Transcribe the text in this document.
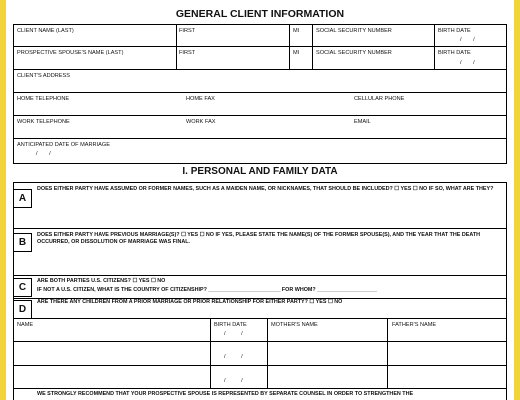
GENERAL CLIENT INFORMATION
CLIENT NAME (LAST)	FIRST	MI	SOCIAL SECURITY NUMBER	BIRTH DATE
/ /
PROSPECTIVE SPOUSE'S NAME (LAST)	FIRST	MI	SOCIAL SECURITY NUMBER	BIRTH DATE
/ /
CLIENT'S ADDRESS
HOME TELEPHONE	HOME FAX	CELLULAR PHONE
WORK TELEPHONE	WORK FAX	EMAIL
ANTICIPATED DATE OF MARRIAGE
/ /
I. PERSONAL AND FAMILY DATA
A
DOES EITHER PARTY HAVE ASSUMED OR FORMER NAMES, SUCH AS A MAIDEN NAME, OR NICKNAMES, THAT SHOULD BE INCLUDED? ☐ YES ☐ NO IF SO, WHAT ARE THEY?
B
DOES EITHER PARTY HAVE PREVIOUS MARRIAGE(S)? ☐ YES ☐ NO IF YES, PLEASE STATE THE NAME(S) OF THE FORMER SPOUSE(S), AND THE YEAR THAT THE DEATH OCCURRED, OR DISSOLUTION OF MARRIAGE WAS FINAL.
C
ARE BOTH PARTIES U.S. CITIZENS? ☐ YES ☐ NO
IF NOT A U.S. CITIZEN, WHAT IS THE COUNTRY OF CITIZENSHIP? ________________________ FOR WHOM? ____________________
D
ARE THERE ANY CHILDREN FROM A PRIOR MARRIAGE OR PRIOR RELATIONSHIP FOR EITHER PARTY? ☐ YES ☐ NO
NAME	BIRTH DATE	MOTHER'S NAME	FATHER'S NAME
/ /
/ /
/ /
WE STRONGLY RECOMMEND THAT YOUR PROSPECTIVE SPOUSE IS REPRESENTED BY SEPARATE COUNSEL IN ORDER TO STRENGTHEN THE
